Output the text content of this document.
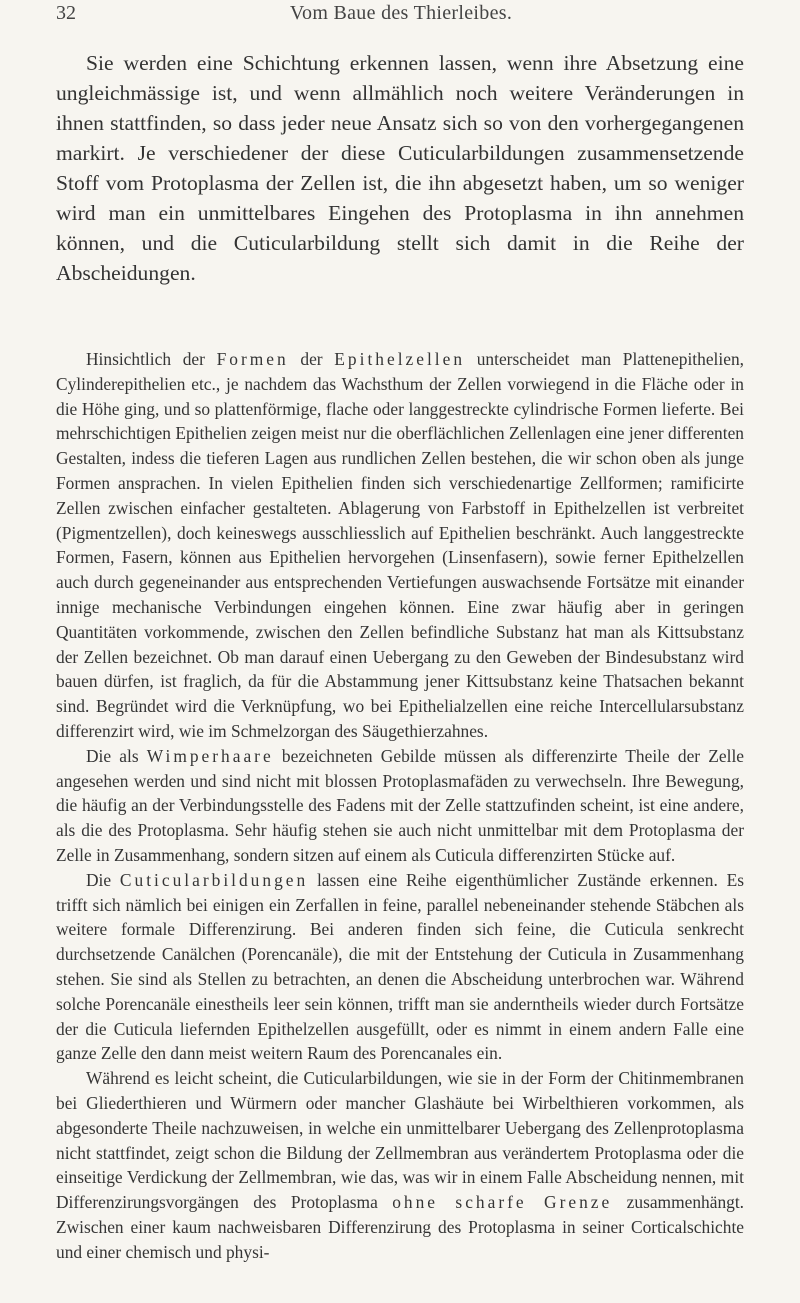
32	Vom Baue des Thierleibes.

Sie werden eine Schichtung erkennen lassen, wenn ihre Absetzung eine ungleichmässige ist, und wenn allmählich noch weitere Veränderungen in ihnen stattfinden, so dass jeder neue Ansatz sich so von den vorhergegangenen markirt. Je verschiedener der diese Cuticularbildungen zusammensetzende Stoff vom Protoplasma der Zellen ist, die ihn abgesetzt haben, um so weniger wird man ein unmittelbares Eingehen des Protoplasma in ihn annehmen können, und die Cuticularbildung stellt sich damit in die Reihe der Abscheidungen.

Hinsichtlich der Formen der Epithelzellen unterscheidet man Plattenepithelien, Cylinderepithelien etc., je nachdem das Wachsthum der Zellen vorwiegend in die Fläche oder in die Höhe ging, und so plattenförmige, flache oder langgestreckte cylindrische Formen lieferte. Bei mehrschichtigen Epithelien zeigen meist nur die oberflächlichen Zellenlagen eine jener differenten Gestalten, indess die tieferen Lagen aus rundlichen Zellen bestehen, die wir schon oben als junge Formen ansprachen. In vielen Epithelien finden sich verschiedenartige Zellformen; ramificirte Zellen zwischen einfacher gestalteten. Ablagerung von Farbstoff in Epithelzellen ist verbreitet (Pigmentzellen), doch keineswegs ausschliesslich auf Epithelien beschränkt. Auch langgestreckte Formen, Fasern, können aus Epithelien hervorgehen (Linsenfasern), sowie ferner Epithelzellen auch durch gegeneinander aus entsprechenden Vertiefungen auswachsende Fortsätze mit einander innige mechanische Verbindungen eingehen können. Eine zwar häufig aber in geringen Quantitäten vorkommende, zwischen den Zellen befindliche Substanz hat man als Kittsubstanz der Zellen bezeichnet. Ob man darauf einen Uebergang zu den Geweben der Bindesubstanz wird bauen dürfen, ist fraglich, da für die Abstammung jener Kittsubstanz keine Thatsachen bekannt sind. Begründet wird die Verknüpfung, wo bei Epithelialzellen eine reiche Intercellularsubstanz differenzirt wird, wie im Schmelzorgan des Säugethierzahnes.

Die als Wimperhaare bezeichneten Gebilde müssen als differenzirte Theile der Zelle angesehen werden und sind nicht mit blossen Protoplasmafäden zu verwechseln. Ihre Bewegung, die häufig an der Verbindungsstelle des Fadens mit der Zelle stattzufinden scheint, ist eine andere, als die des Protoplasma. Sehr häufig stehen sie auch nicht unmittelbar mit dem Protoplasma der Zelle in Zusammenhang, sondern sitzen auf einem als Cuticula differenzirten Stücke auf.

Die Cuticularbildungen lassen eine Reihe eigenthümlicher Zustände erkennen. Es trifft sich nämlich bei einigen ein Zerfallen in feine, parallel nebeneinander stehende Stäbchen als weitere formale Differenzirung. Bei anderen finden sich feine, die Cuticula senkrecht durchsetzende Canälchen (Porencanäle), die mit der Entstehung der Cuticula in Zusammenhang stehen. Sie sind als Stellen zu betrachten, an denen die Abscheidung unterbrochen war. Während solche Porencanäle einestheils leer sein können, trifft man sie anderntheils wieder durch Fortsätze der die Cuticula liefernden Epithelzellen ausgefüllt, oder es nimmt in einem andern Falle eine ganze Zelle den dann meist weitern Raum des Porencanales ein.

Während es leicht scheint, die Cuticularbildungen, wie sie in der Form der Chitinmembranen bei Gliederthieren und Würmern oder mancher Glashäute bei Wirbelthieren vorkommen, als abgesonderte Theile nachzuweisen, in welche ein unmittelbarer Uebergang des Zellenprotoplasma nicht stattfindet, zeigt schon die Bildung der Zellmembran aus verändertem Protoplasma oder die einseitige Verdickung der Zellmembran, wie das, was wir in einem Falle Abscheidung nennen, mit Differenzirungsvorgängen des Protoplasma ohne scharfe Grenze zusammenhängt. Zwischen einer kaum nachweisbaren Differenzirung des Protoplasma in seiner Corticalschichte und einer chemisch und physi-
